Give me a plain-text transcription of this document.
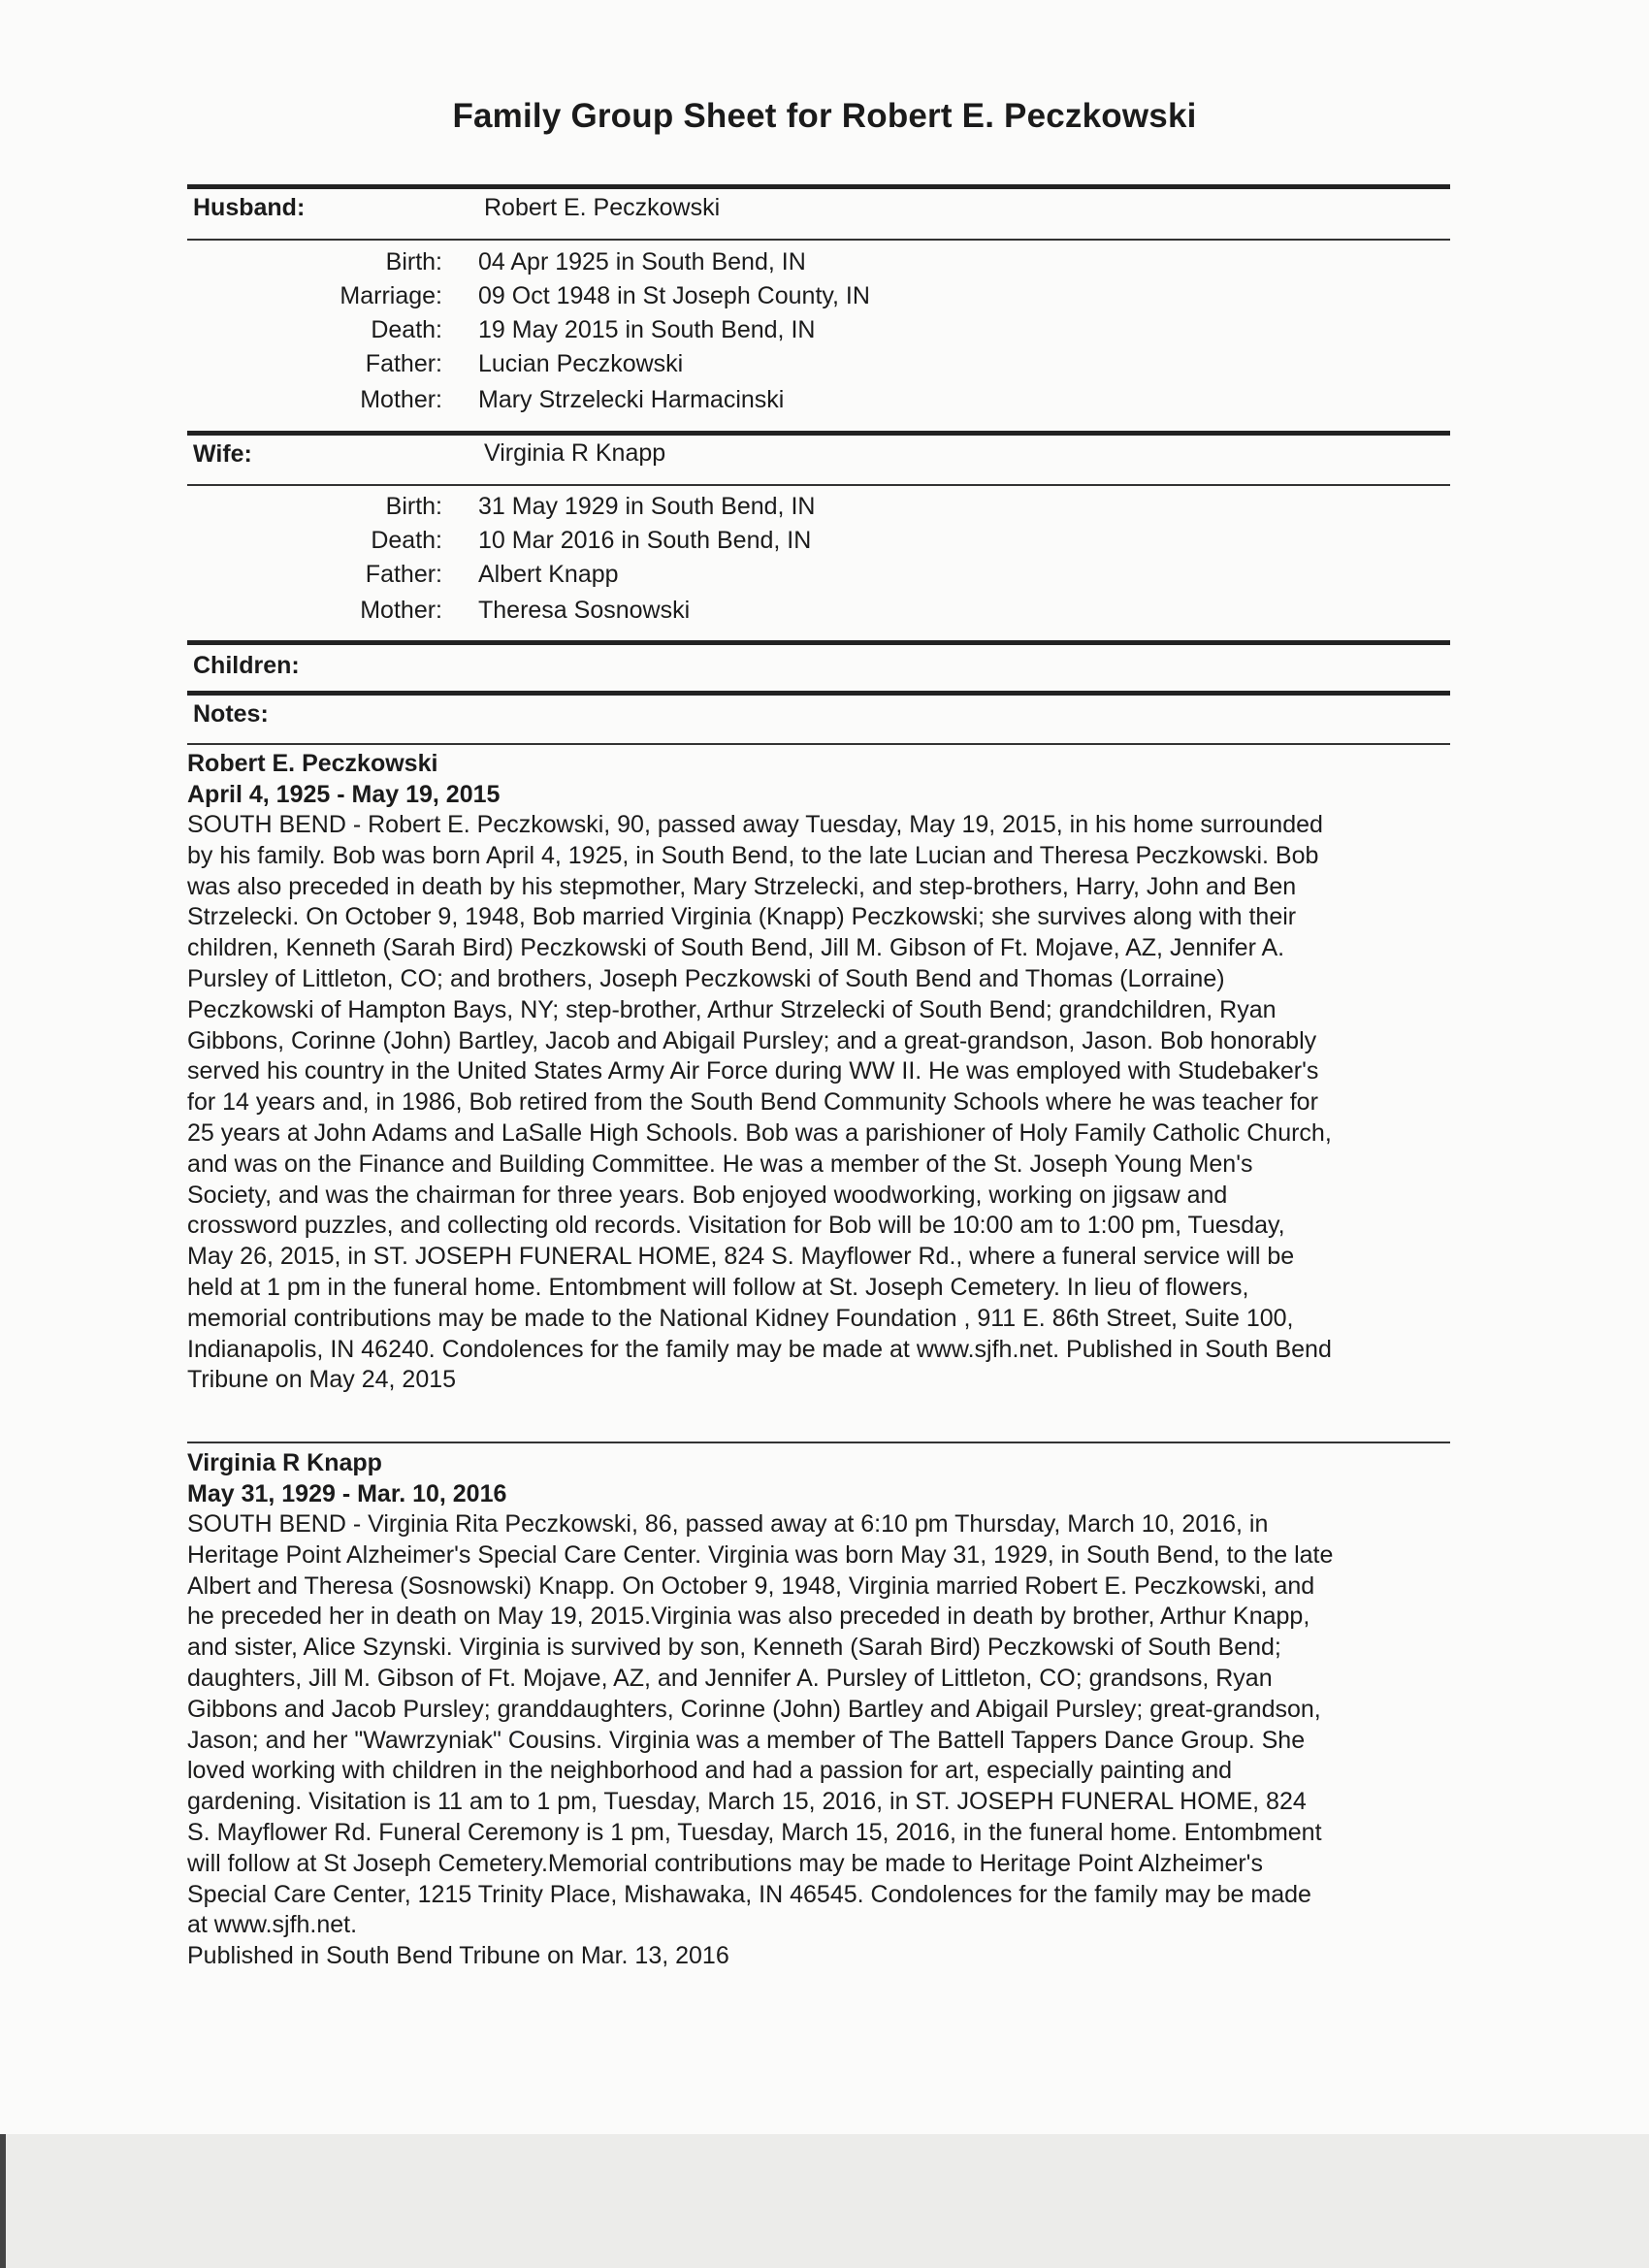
Family Group Sheet for Robert E. Peczkowski
Husband:	Robert E. Peczkowski
Birth: 04 Apr 1925 in South Bend, IN
Marriage: 09 Oct 1948 in St Joseph County, IN
Death: 19 May 2015 in South Bend, IN
Father: Lucian Peczkowski
Mother: Mary Strzelecki Harmacinski
Wife:	Virginia R Knapp
Birth: 31 May 1929 in South Bend, IN
Death: 10 Mar 2016 in South Bend, IN
Father: Albert Knapp
Mother: Theresa Sosnowski
Children:
Notes:
Robert E. Peczkowski
April 4, 1925 - May 19, 2015
SOUTH BEND - Robert E. Peczkowski, 90, passed away Tuesday, May 19, 2015, in his home surrounded
by his family. Bob was born April 4, 1925, in South Bend, to the late Lucian and Theresa Peczkowski. Bob
was also preceded in death by his stepmother, Mary Strzelecki, and step-brothers, Harry, John and Ben
Strzelecki. On October 9, 1948, Bob married Virginia (Knapp) Peczkowski; she survives along with their
children, Kenneth (Sarah Bird) Peczkowski of South Bend, Jill M. Gibson of Ft. Mojave, AZ, Jennifer A.
Pursley of Littleton, CO; and brothers, Joseph Peczkowski of South Bend and Thomas (Lorraine)
Peczkowski of Hampton Bays, NY; step-brother, Arthur Strzelecki of South Bend; grandchildren, Ryan
Gibbons, Corinne (John) Bartley, Jacob and Abigail Pursley; and a great-grandson, Jason. Bob honorably
served his country in the United States Army Air Force during WW II. He was employed with Studebaker's
for 14 years and, in 1986, Bob retired from the South Bend Community Schools where he was teacher for
25 years at John Adams and LaSalle High Schools. Bob was a parishioner of Holy Family Catholic Church,
and was on the Finance and Building Committee. He was a member of the St. Joseph Young Men's
Society, and was the chairman for three years. Bob enjoyed woodworking, working on jigsaw and
crossword puzzles, and collecting old records. Visitation for Bob will be 10:00 am to 1:00 pm, Tuesday,
May 26, 2015, in ST. JOSEPH FUNERAL HOME, 824 S. Mayflower Rd., where a funeral service will be
held at 1 pm in the funeral home. Entombment will follow at St. Joseph Cemetery. In lieu of flowers,
memorial contributions may be made to the National Kidney Foundation , 911 E. 86th Street, Suite 100,
Indianapolis, IN 46240. Condolences for the family may be made at www.sjfh.net. Published in South Bend
Tribune on May 24, 2015
Virginia R Knapp
May 31, 1929 - Mar. 10, 2016
SOUTH BEND - Virginia Rita Peczkowski, 86, passed away at 6:10 pm Thursday, March 10, 2016, in
Heritage Point Alzheimer's Special Care Center. Virginia was born May 31, 1929, in South Bend, to the late
Albert and Theresa (Sosnowski) Knapp. On October 9, 1948, Virginia married Robert E. Peczkowski, and
he preceded her in death on May 19, 2015.Virginia was also preceded in death by brother, Arthur Knapp,
and sister, Alice Szynski. Virginia is survived by son, Kenneth (Sarah Bird) Peczkowski of South Bend;
daughters, Jill M. Gibson of Ft. Mojave, AZ, and Jennifer A. Pursley of Littleton, CO; grandsons, Ryan
Gibbons and Jacob Pursley; granddaughters, Corinne (John) Bartley and Abigail Pursley; great-grandson,
Jason; and her "Wawrzyniak" Cousins. Virginia was a member of The Battell Tappers Dance Group. She
loved working with children in the neighborhood and had a passion for art, especially painting and
gardening. Visitation is 11 am to 1 pm, Tuesday, March 15, 2016, in ST. JOSEPH FUNERAL HOME, 824
S. Mayflower Rd. Funeral Ceremony is 1 pm, Tuesday, March 15, 2016, in the funeral home. Entombment
will follow at St Joseph Cemetery.Memorial contributions may be made to Heritage Point Alzheimer's
Special Care Center, 1215 Trinity Place, Mishawaka, IN 46545. Condolences for the family may be made
at www.sjfh.net.
Published in South Bend Tribune on Mar. 13, 2016
